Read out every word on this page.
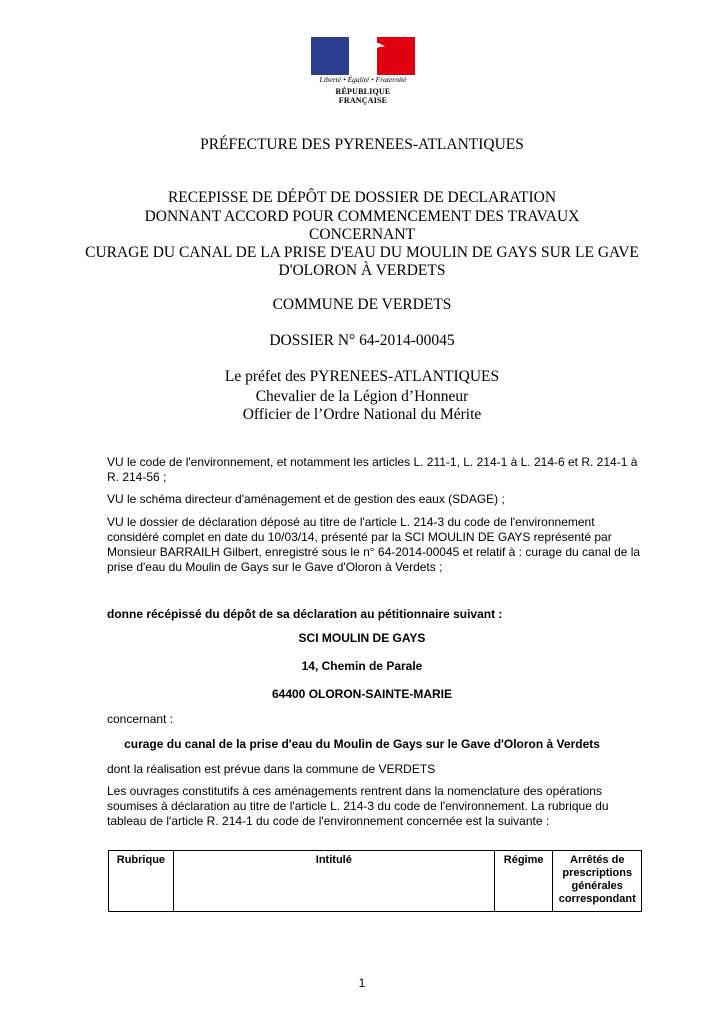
Liberté • Égalité • Fraternité
RÉPUBLIQUE FRANÇAISE
PRÉFECTURE DES PYRENEES-ATLANTIQUES
RECEPISSE DE DÉPÔT DE DOSSIER DE DECLARATION
DONNANT ACCORD POUR COMMENCEMENT DES TRAVAUX
CONCERNANT
CURAGE DU CANAL DE LA PRISE D'EAU DU MOULIN DE GAYS SUR LE GAVE
D'OLORON À VERDETS
COMMUNE DE VERDETS
DOSSIER N° 64-2014-00045
Le préfet des PYRENEES-ATLANTIQUES
Chevalier de la Légion d’Honneur
Officier de l’Ordre National du Mérite
VU le code de l'environnement, et notamment les articles L. 211-1, L. 214-1 à L. 214-6 et R. 214-1 à
R. 214-56 ;
VU le schéma directeur d'aménagement et de gestion des eaux (SDAGE) ;
VU le dossier de déclaration déposé au titre de l'article L. 214-3 du code de l'environnement
considéré complet en date du 10/03/14, présenté par la SCI MOULIN DE GAYS représenté par
Monsieur BARRAILH Gilbert, enregistré sous le n° 64-2014-00045 et relatif à : curage du canal de la
prise d'eau du Moulin de Gays sur le Gave d'Oloron à Verdets ;
donne récépissé du dépôt de sa déclaration au pétitionnaire suivant :
SCI MOULIN DE GAYS
14, Chemin de Parale
64400 OLORON-SAINTE-MARIE
concernant :
curage du canal de la prise d'eau du Moulin de Gays sur le Gave d'Oloron à Verdets
dont la réalisation est prévue dans la commune de VERDETS
Les ouvrages constitutifs à ces aménagements rentrent dans la nomenclature des opérations
soumises à déclaration au titre de l'article L. 214-3 du code de l'environnement. La rubrique du
tableau de l'article R. 214-1 du code de l'environnement concernée est la suivante :
Rubrique	Intitulé	Régime	Arrêtés de
prescriptions
générales
correspondant
1
